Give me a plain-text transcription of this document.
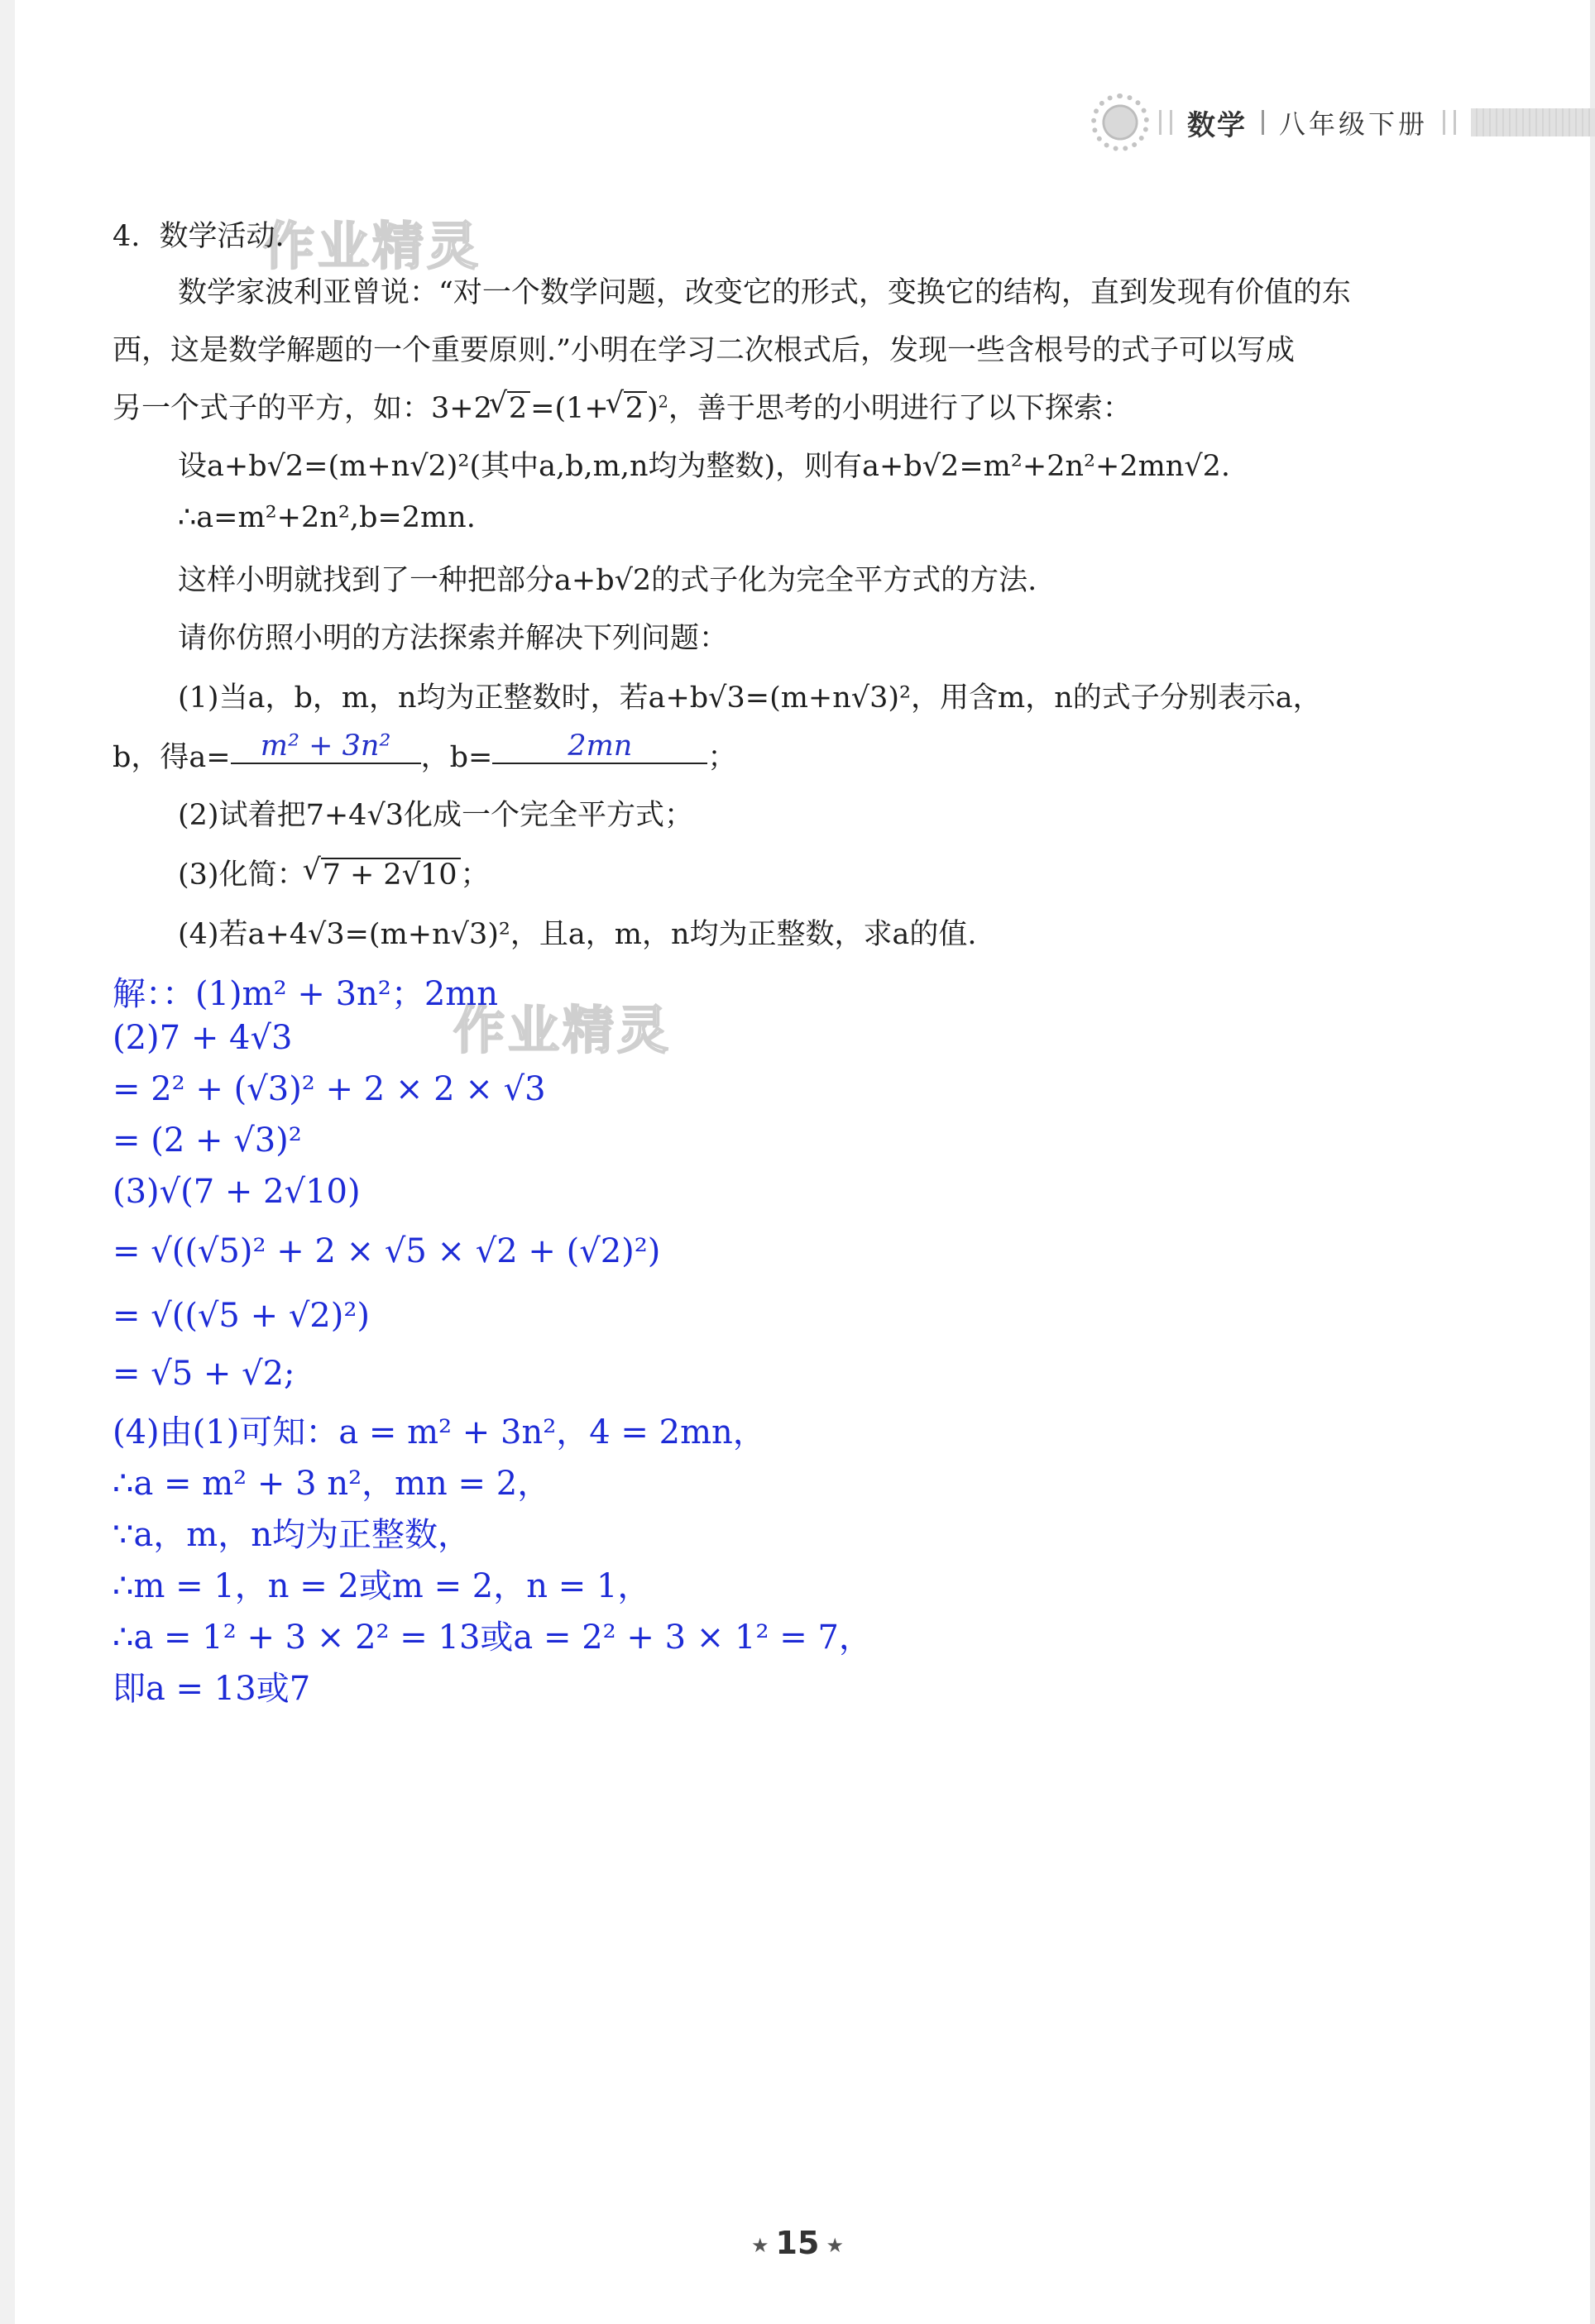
数学 八年级下册
作业精灵
作业精灵
4. 数学活动.
数学家波利亚曾说：“对一个数学问题，改变它的形式，变换它的结构，直到发现有价值的东
西，这是数学解题的一个重要原则.”小明在学习二次根式后，发现一些含根号的式子可以写成
另一个式子的平方，如：3+2 √ 2 =(1+ √ 2 )$^2$，善于思考的小明进行了以下探索：
设a+b√2=(m+n√2)²(其中a,b,m,n均为整数)，则有a+b√2=m²+2n²+2mn√2.
∴a=m²+2n²,b=2mn.
这样小明就找到了一种把部分a+b√2的式子化为完全平方式的方法.
请你仿照小明的方法探索并解决下列问题：
(1)当a，b，m，n均为正整数时，若a+b√3=(m+n√3)²，用含m，n的式子分别表示a，
b，得a= m² + 3n² ，b=	2mn	；
(2)试着把7+4√3化成一个完全平方式；
(3)化简： √ 7 + 2√10 ；
(4)若a+4√3=(m+n√3)²，且a，m，n均为正整数，求a的值.
解：：(1)m² + 3n²；2mn
(2)7 + 4√3
= 2² + (√3)² + 2 × 2 × √3
= (2 + √3)²
(3)√(7 + 2√10)
= √((√5)² + 2 × √5 × √2 + (√2)²)
= √((√5 + √2)²)
= √5 + √2;
(4)由(1)可知：a = m² + 3n²，4 = 2mn，
∴a = m² + 3 n²，mn = 2，
∵a，m，n均为正整数，
∴m = 1，n = 2或m = 2，n = 1，
∴a = 1² + 3 × 2² = 13或a = 2² + 3 × 1² = 7，
即a = 13或7
★ 15 ★
